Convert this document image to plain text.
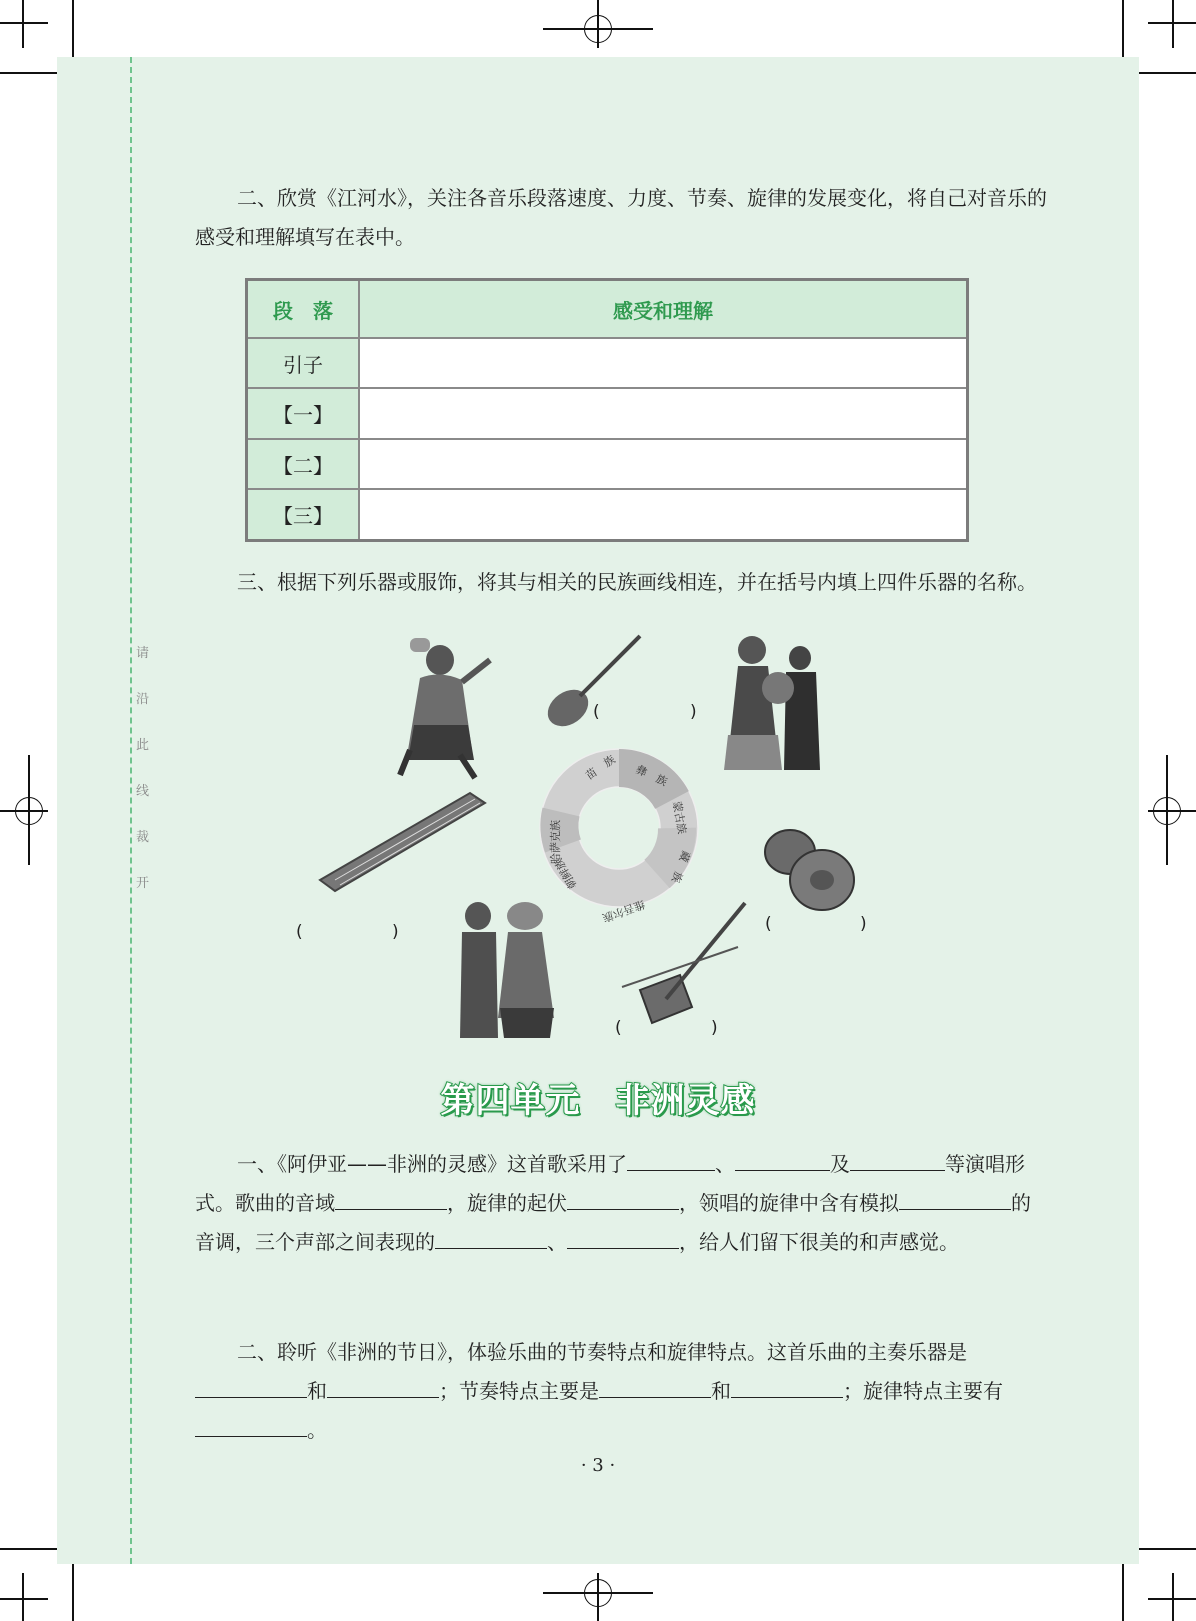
请
沿
此
线
裁
开

二、欣赏《江河水》，关注各音乐段落速度、力度、节奏、旋律的发展变化，将自己对音乐的感受和理解填写在表中。

段　落	感受和理解
引子	
【一】	
【二】	
【三】	

三、根据下列乐器或服饰，将其与相关的民族画线相连，并在括号内填上四件乐器的名称。

苗　族 彝　族
蒙古族
藏　族
维吾尔族
朝鲜族
哈萨克族
(	)
(	)	(	)
(	)
第四单元　非洲灵感

一、《阿伊亚——非洲的灵感》这首歌采用了	、	及	等演唱形式。歌曲的音域	，旋律的起伏	，领唱的旋律中含有模拟	的音调，三个声部之间表现的	、	，给人们留下很美的和声感觉。

二、聆听《非洲的节日》，体验乐曲的节奏特点和旋律特点。这首乐曲的主奏乐器是和	；节奏特点主要是	和	；旋律特点主要有。

· 3 ·
